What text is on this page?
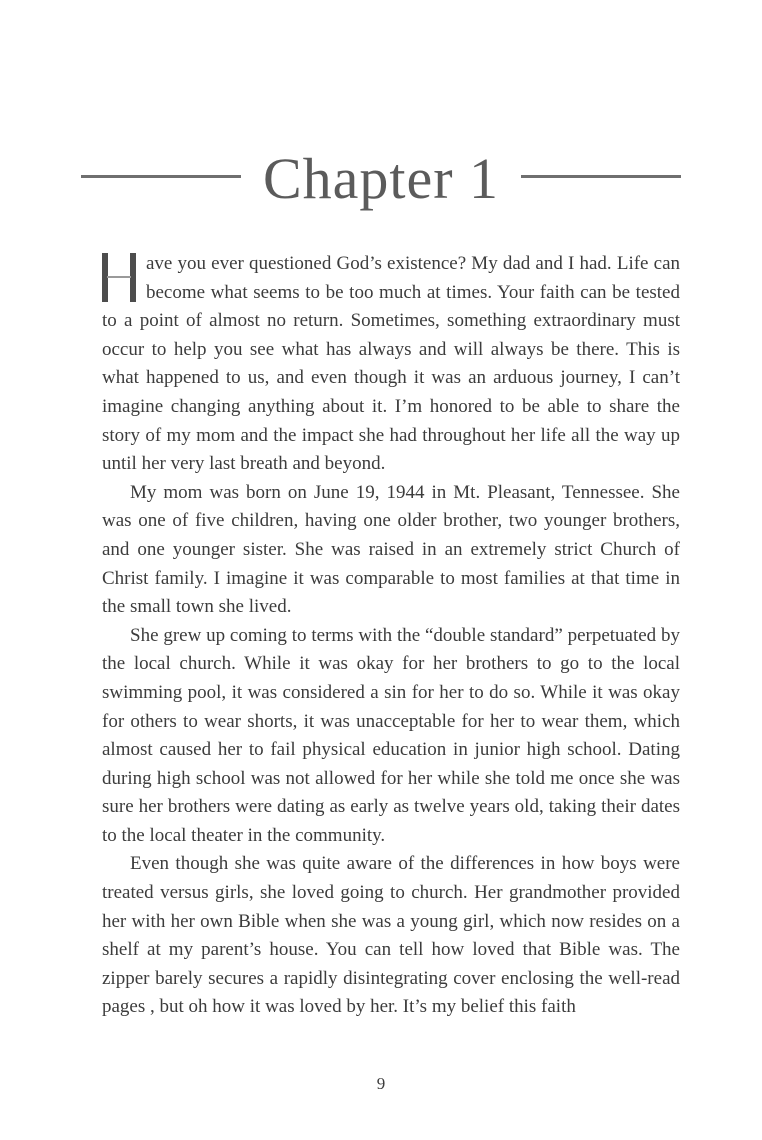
Chapter 1

ave you ever questioned God’s existence? My dad and I had. Life can become what seems to be too much at times. Your faith can be tested to a point of almost no return. Sometimes, something extraordinary must occur to help you see what has always and will always be there. This is what happened to us, and even though it was an arduous journey, I can’t imagine changing anything about it. I’m honored to be able to share the story of my mom and the impact she had throughout her life all the way up until her very last breath and beyond.

My mom was born on June 19, 1944 in Mt. Pleasant, Tennessee. She was one of five children, having one older brother, two younger brothers, and one younger sister. She was raised in an extremely strict Church of Christ family. I imagine it was comparable to most families at that time in the small town she lived.

She grew up coming to terms with the “double standard” perpetuated by the local church. While it was okay for her brothers to go to the local swimming pool, it was considered a sin for her to do so. While it was okay for others to wear shorts, it was unacceptable for her to wear them, which almost caused her to fail physical education in junior high school. Dating during high school was not allowed for her while she told me once she was sure her brothers were dating as early as twelve years old, taking their dates to the local theater in the community.

Even though she was quite aware of the differences in how boys were treated versus girls, she loved going to church. Her grandmother provided her with her own Bible when she was a young girl, which now resides on a shelf at my parent’s house. You can tell how loved that Bible was. The zipper barely secures a rapidly disintegrating cover enclosing the well-read pages , but oh how it was loved by her. It’s my belief this faith

9
